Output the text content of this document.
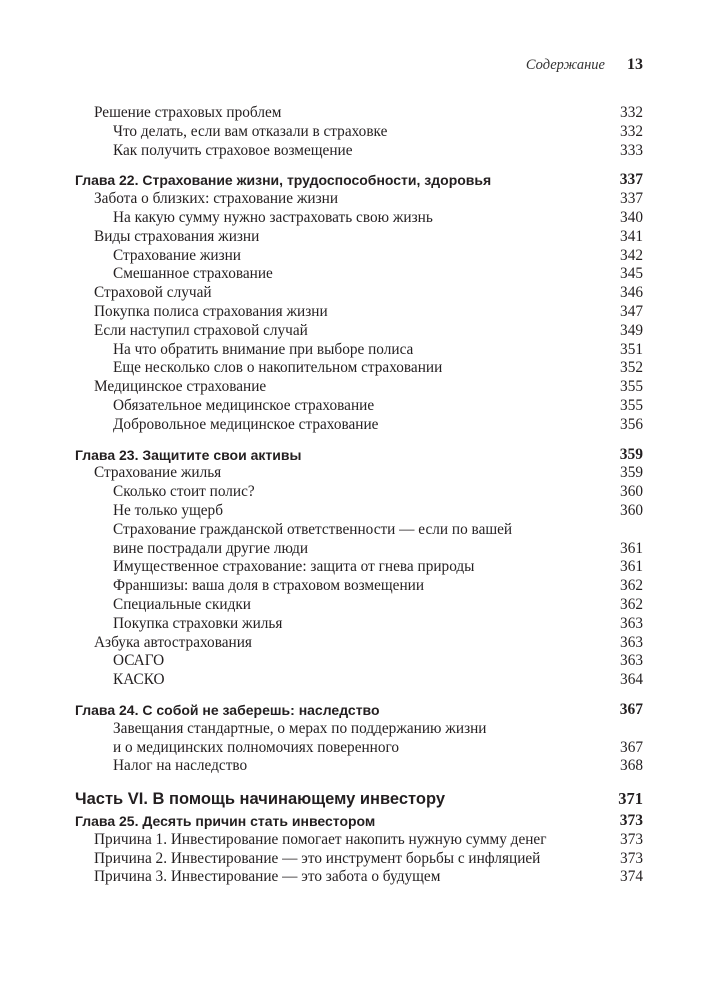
Содержание 13
Решение страховых проблем	332
Что делать, если вам отказали в страховке	332
Как получить страховое возмещение	333
Глава 22. Страхование жизни, трудоспособности, здоровья	337
Забота о близких: страхование жизни	337
На какую сумму нужно застраховать свою жизнь	340
Виды страхования жизни	341
Страхование жизни	342
Смешанное страхование	345
Страховой случай	346
Покупка полиса страхования жизни	347
Если наступил страховой случай	349
На что обратить внимание при выборе полиса	351
Еще несколько слов о накопительном страховании	352
Медицинское страхование	355
Обязательное медицинское страхование	355
Добровольное медицинское страхование	356
Глава 23. Защитите свои активы	359
Страхование жилья	359
Сколько стоит полис?	360
Не только ущерб	360
Страхование гражданской ответственности — если по вашей
вине пострадали другие люди	361
Имущественное страхование: защита от гнева природы	361
Франшизы: ваша доля в страховом возмещении	362
Специальные скидки	362
Покупка страховки жилья	363
Азбука автострахования	363
ОСАГО	363
КАСКО	364
Глава 24. С собой не заберешь: наследство	367
Завещания стандартные, о мерах по поддержанию жизни
и о медицинских полномочиях поверенного	367
Налог на наследство	368
Часть VI. В помощь начинающему инвестору	371
Глава 25. Десять причин стать инвестором	373
Причина 1. Инвестирование помогает накопить нужную сумму денег	373
Причина 2. Инвестирование — это инструмент борьбы с инфляцией	373
Причина 3. Инвестирование — это забота о будущем	374
